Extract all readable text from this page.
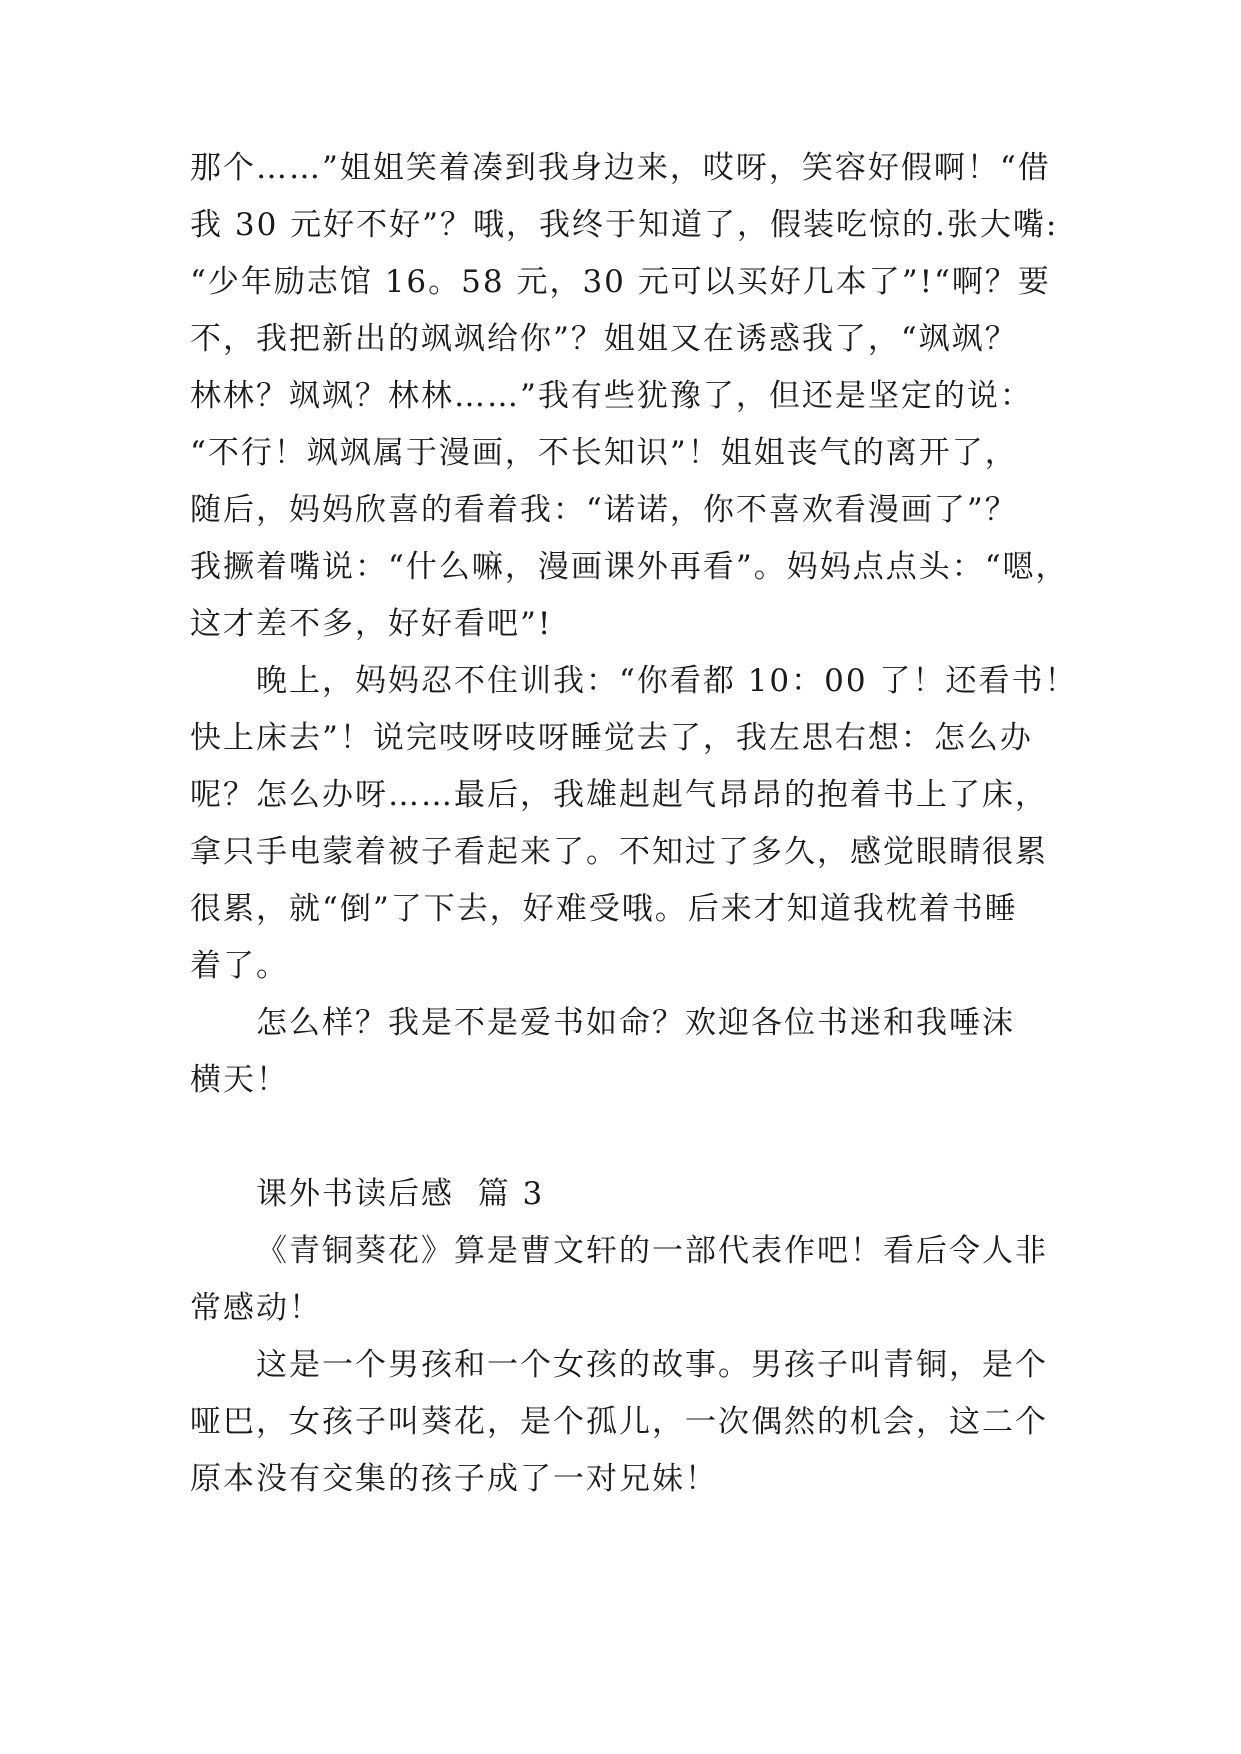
那个……”姐姐笑着凑到我身边来，哎呀，笑容好假啊！“借
我 30 元好不好”？哦，我终于知道了，假装吃惊的.张大嘴:
“少年励志馆 16。58 元，30 元可以买好几本了”!“啊？要
不，我把新出的飒飒给你”？姐姐又在诱惑我了，“飒飒？
林林？飒飒？林林……”我有些犹豫了，但还是坚定的说：
“不行！飒飒属于漫画，不长知识”！姐姐丧气的离开了，
随后，妈妈欣喜的看着我：“诺诺，你不喜欢看漫画了”？
我撅着嘴说：“什么嘛，漫画课外再看”。妈妈点点头：“嗯，
这才差不多，好好看吧”!
晚上，妈妈忍不住训我：“你看都 10：00 了！还看书！
快上床去”！说完吱呀吱呀睡觉去了，我左思右想：怎么办
呢？怎么办呀……最后，我雄赳赳气昂昂的抱着书上了床，
拿只手电蒙着被子看起来了。不知过了多久，感觉眼睛很累
很累，就“倒”了下去，好难受哦。后来才知道我枕着书睡
着了。
怎么样？我是不是爱书如命？欢迎各位书迷和我唾沫
横天！
课外书读后感  篇 3
《青铜葵花》算是曹文轩的一部代表作吧！看后令人非
常感动！
这是一个男孩和一个女孩的故事。男孩子叫青铜，是个
哑巴，女孩子叫葵花，是个孤儿，一次偶然的机会，这二个
原本没有交集的孩子成了一对兄妹！
